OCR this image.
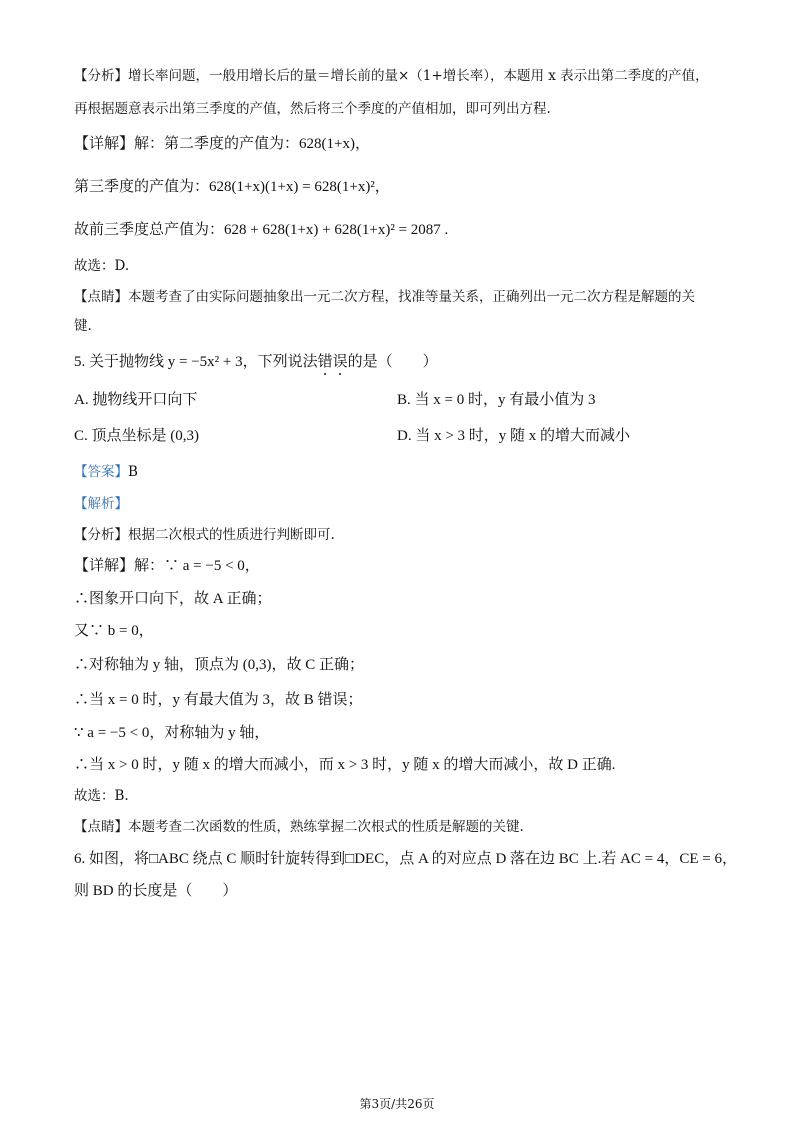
【分析】增长率问题，一般用增长后的量＝增长前的量×（1+增长率），本题用 x 表示出第二季度的产值，
再根据题意表示出第三季度的产值，然后将三个季度的产值相加，即可列出方程.
【详解】解：第二季度的产值为：628(1+x)，
第三季度的产值为：628(1+x)(1+x) = 628(1+x)²，
故前三季度总产值为：628 + 628(1+x) + 628(1+x)² = 2087 .
故选：D.
【点睛】本题考查了由实际问题抽象出一元二次方程，找准等量关系，正确列出一元二次方程是解题的关
键.
5. 关于抛物线 y = −5x² + 3，下列说法错误的是（　　）
A. 抛物线开口向下	B. 当 x = 0 时，y 有最小值为 3
C. 顶点坐标是 (0,3)	D. 当 x > 3 时，y 随 x 的增大而减小
【答案】B
【解析】
【分析】根据二次根式的性质进行判断即可.
【详解】解：∵ a = −5 < 0，
∴图象开口向下，故 A 正确；
又∵ b = 0，
∴对称轴为 y 轴，顶点为 (0,3)，故 C 正确；
∴当 x = 0 时，y 有最大值为 3，故 B 错误；
∵ a = −5 < 0，对称轴为 y 轴，
∴当 x > 0 时，y 随 x 的增大而减小，而 x > 3 时，y 随 x 的增大而减小，故 D 正确.
故选：B.
【点睛】本题考查二次函数的性质，熟练掌握二次根式的性质是解题的关键.
6. 如图，将□ABC 绕点 C 顺时针旋转得到□DEC，点 A 的对应点 D 落在边 BC 上.若 AC = 4，CE = 6，
则 BD 的长度是（　　）
第3页/共26页
